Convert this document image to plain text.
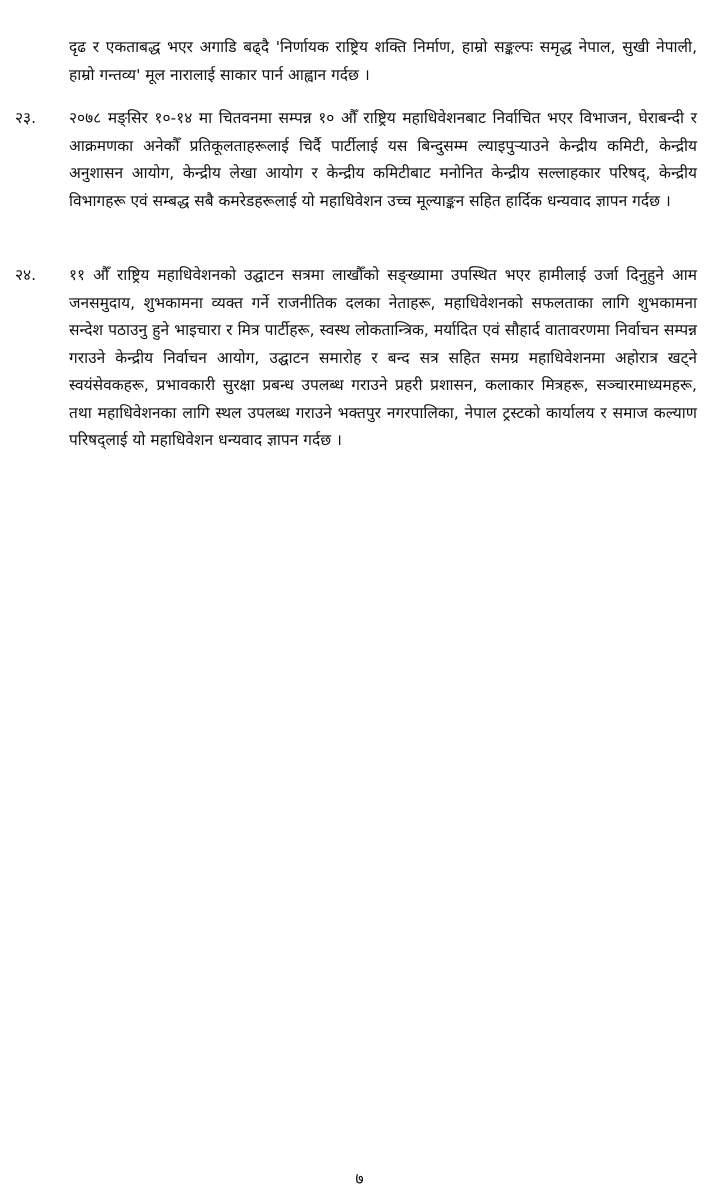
दृढ र एकताबद्ध भएर अगाडि बढ्दै 'निर्णायक राष्ट्रिय शक्ति निर्माण, हाम्रो सङ्कल्पः समृद्ध नेपाल, सुखी नेपाली, हाम्रो गन्तव्य' मूल नारालाई साकार पार्न आह्वान गर्दछ ।

२३. २०७८ मङ्सिर १०-१४ मा चितवनमा सम्पन्न १० औँ राष्ट्रिय महाधिवेशनबाट निर्वाचित भएर विभाजन, घेराबन्दी र आक्रमणका अनेकौँ प्रतिकूलताहरूलाई चिर्दै पार्टीलाई यस बिन्दुसम्म ल्याइपुऱ्याउने केन्द्रीय कमिटी, केन्द्रीय अनुशासन आयोग, केन्द्रीय लेखा आयोग र केन्द्रीय कमिटीबाट मनोनित केन्द्रीय सल्लाहकार परिषद्, केन्द्रीय विभागहरू एवं सम्बद्ध सबै कमरेडहरूलाई यो महाधिवेशन उच्च मूल्याङ्कन सहित हार्दिक धन्यवाद ज्ञापन गर्दछ ।

२४. ११ औँ राष्ट्रिय महाधिवेशनको उद्घाटन सत्रमा लाखौँको सङ्ख्यामा उपस्थित भएर हामीलाई उर्जा दिनुहुने आम जनसमुदाय, शुभकामना व्यक्त गर्ने राजनीतिक दलका नेताहरू, महाधिवेशनको सफलताका लागि शुभकामना सन्देश पठाउनु हुने भाइचारा र मित्र पार्टीहरू, स्वस्थ लोकतान्त्रिक, मर्यादित एवं सौहार्द वातावरणमा निर्वाचन सम्पन्न गराउने केन्द्रीय निर्वाचन आयोग, उद्घाटन समारोह र बन्द सत्र सहित समग्र महाधिवेशनमा अहोरात्र खट्ने स्वयंसेवकहरू, प्रभावकारी सुरक्षा प्रबन्ध उपलब्ध गराउने प्रहरी प्रशासन, कलाकार मित्रहरू, सञ्चारमाध्यमहरू, तथा महाधिवेशनका लागि स्थल उपलब्ध गराउने भक्तपुर नगरपालिका, नेपाल ट्रस्टको कार्यालय र समाज कल्याण परिषद्लाई यो महाधिवेशन धन्यवाद ज्ञापन गर्दछ ।

७
